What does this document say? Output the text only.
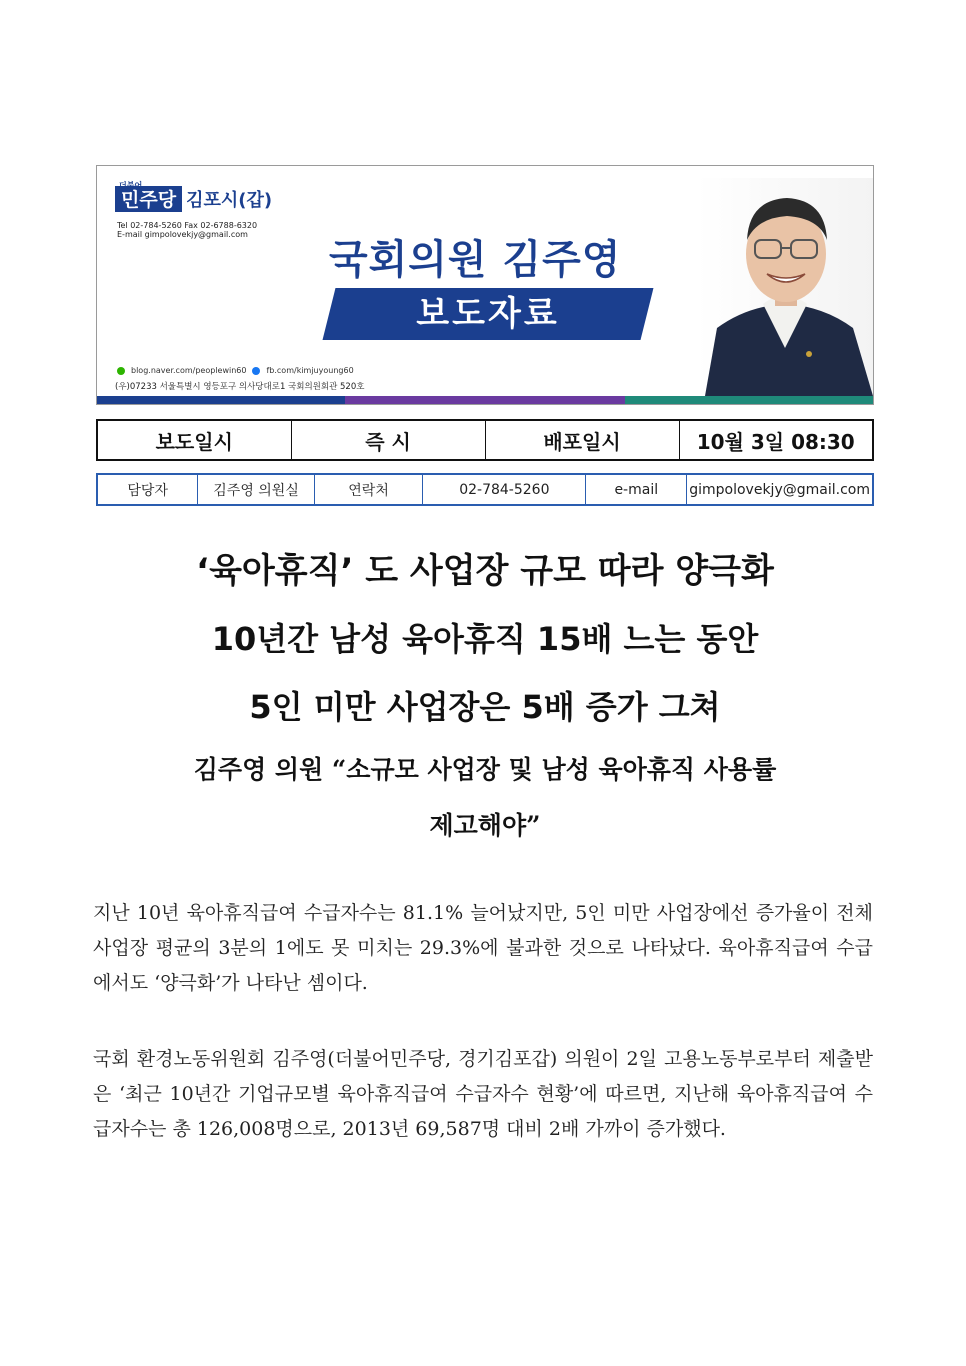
더불어
민주당 김포시(갑)
Tel 02-784-5260 Fax 02-6788-6320
E-mail gimpolovekjy@gmail.com
국회의원 김주영
보도자료
blog.naver.com/peoplewin60	fb.com/kimjuyoung60
(우)07233 서울특별시 영등포구 의사당대로1 국회의원회관 520호
보도일시	즉 시	배포일시	10월 3일 08:30
담당자	김주영 의원실	연락처	02-784-5260	e-mail	gimpolovekjy@gmail.com
‘육아휴직’ 도 사업장 규모 따라 양극화
10년간 남성 육아휴직 15배 느는 동안
5인 미만 사업장은 5배 증가 그쳐
김주영 의원 “소규모 사업장 및 남성 육아휴직 사용률
제고해야”
지난 10년 육아휴직급여 수급자수는 81.1% 늘어났지만, 5인 미만 사업장에선 증가율이 전체 사업장 평균의 3분의 1에도 못 미치는 29.3%에 불과한 것으로 나타났다. 육아휴직급여 수급에서도 ‘양극화’가 나타난 셈이다.
국회 환경노동위원회 김주영(더불어민주당, 경기김포갑) 의원이 2일 고용노동부로부터 제출받은 ‘최근 10년간 기업규모별 육아휴직급여 수급자수 현황’에 따르면, 지난해 육아휴직급여 수급자수는 총 126,008명으로, 2013년 69,587명 대비 2배 가까이 증가했다.
